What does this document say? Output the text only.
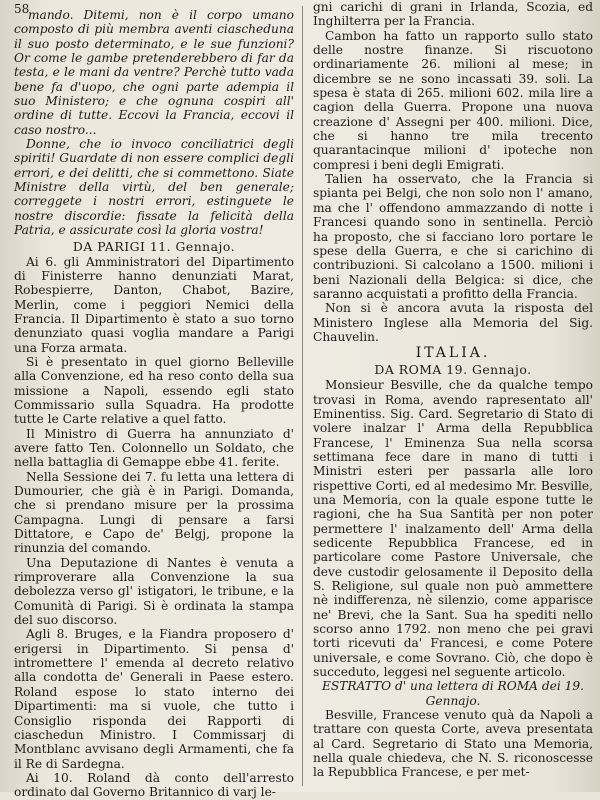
58

mando. Ditemi, non è il corpo umano composto di più membra aventi ciascheduna il suo posto determinato, e le sue funzioni? Or come le gambe pretenderebbero di far da testa, e le mani da ventre? Perchè tutto vada bene fa d'uopo, che ogni parte adempia il suo Ministero; e che ognuna cospiri all' ordine di tutte. Eccovi la Francia, eccovi il caso nostro...

Donne, che io invoco conciliatrici degli spiriti! Guardate di non essere complici degli errori, e dei delitti, che si commettono. Siate Ministre della virtù, del ben generale; correggete i nostri errori, estinguete le nostre discordie: fissate la felicità della Patria, e assicurate così la gloria vostra!

DA PARIGI 11. Gennajo.

Ai 6. gli Amministratori del Dipartimento di Finisterre hanno denunziati Marat, Robespierre, Danton, Chabot, Bazire, Merlin, come i peggiori Nemici della Francia. Il Dipartimento è stato a suo torno denunziato quasi voglia mandare a Parigi una Forza armata.

Si è presentato in quel giorno Belleville alla Convenzione, ed ha reso conto della sua missione a Napoli, essendo egli stato Commissario sulla Squadra. Ha prodotte tutte le Carte relative a quel fatto.

Il Ministro di Guerra ha annunziato d' avere fatto Ten. Colonnello un Soldato, che nella battaglia di Gemappe ebbe 41. ferite.

Nella Sessione dei 7. fu letta una lettera di Dumourier, che già è in Parigi. Domanda, che si prendano misure per la prossima Campagna. Lungi di pensare a farsi Dittatore, e Capo de' Belgj, propone la rinunzia del comando.

Una Deputazione di Nantes è venuta a rimproverare alla Convenzione la sua debolezza verso gl' istigatori, le tribune, e la Comunità di Parigi. Si è ordinata la stampa del suo discorso.

Agli 8. Bruges, e la Fiandra proposero d' erigersi in Dipartimento. Si pensa d' intromettere l' emenda al decreto relativo alla condotta de' Generali in Paese estero. Roland espose lo stato interno dei Dipartimenti: ma si vuole, che tutto i Consiglio risponda dei Rapporti di ciaschedun Ministro. I Commissarj di Montblanc avvisano degli Armamenti, che fa il Re di Sardegna.

Ai 10. Roland dà conto dell'arresto ordinato dal Governo Britannico di varj le-

gni carichi di grani in Irlanda, Scozia, ed Inghilterra per la Francia.

Cambon ha fatto un rapporto sullo stato delle nostre finanze. Si riscuotono ordinariamente 26. milioni al mese; in dicembre se ne sono incassati 39. soli. La spesa è stata di 265. milioni 602. mila lire a cagion della Guerra. Propone una nuova creazione d' Assegni per 400. milioni. Dice, che si hanno tre mila trecento quarantacinque milioni d' ipoteche non compresi i beni degli Emigrati.

Talien ha osservato, che la Francia si spianta pei Belgi, che non solo non l' amano, ma che l' offendono ammazzando di notte i Francesi quando sono in sentinella. Perciò ha proposto, che si facciano loro portare le spese della Guerra, e che si carichino di contribuzioni. Si calcolano a 1500. milioni i beni Nazionali della Belgica: si dice, che saranno acquistati a profitto della Francia.

Non si è ancora avuta la risposta del Ministero Inglese alla Memoria del Sig. Chauvelin.

ITALIA.
DA ROMA 19. Gennajo.

Monsieur Besville, che da qualche tempo trovasi in Roma, avendo rapresentato all' Eminentiss. Sig. Card. Segretario di Stato di volere inalzar l' Arma della Repubblica Francese, l' Eminenza Sua nella scorsa settimana fece dare in mano di tutti i Ministri esteri per passarla alle loro rispettive Corti, ed al medesimo Mr. Besville, una Memoria, con la quale espone tutte le ragioni, che ha Sua Santità per non poter permettere l' inalzamento dell' Arma della sedicente Repubblica Francese, ed in particolare come Pastore Universale, che deve custodir gelosamente il Deposito della S. Religione, sul quale non può ammettere nè indifferenza, nè silenzio, come apparisce ne' Brevi, che la Sant. Sua ha spediti nello scorso anno 1792. non meno che pei gravi torti ricevuti da' Francesi, e come Potere universale, e come Sovrano. Ciò, che dopo è succeduto, leggesi nel seguente articolo.

ESTRATTO d' una lettera di ROMA dei 19. Gennajo.

Besville, Francese venuto quà da Napoli a trattare con questa Corte, aveva presentata al Card. Segretario di Stato una Memoria, nella quale chiedeva, che N. S. riconoscesse la Repubblica Francese, e per met-
